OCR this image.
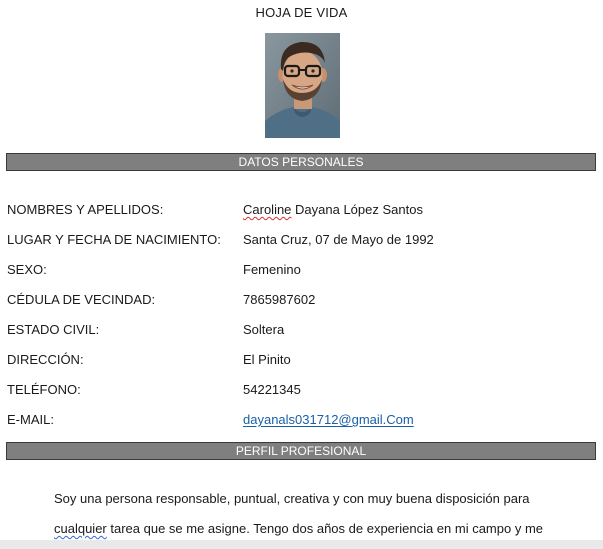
HOJA DE VIDA
DATOS PERSONALES
NOMBRES Y APELLIDOS:	Caroline Dayana López Santos
LUGAR Y FECHA DE NACIMIENTO: Santa Cruz, 07 de Mayo de 1992
SEXO:	Femenino
CÉDULA DE VECINDAD:	7865987602
ESTADO CIVIL:	Soltera
DIRECCIÓN:	El Pinito
TELÉFONO:	54221345
E-MAIL:	dayanals031712@gmail.Com
PERFIL PROFESIONAL
Soy una persona responsable, puntual, creativa y con muy buena disposición para
cualquier tarea que se me asigne. Tengo dos años de experiencia en mi campo y me
